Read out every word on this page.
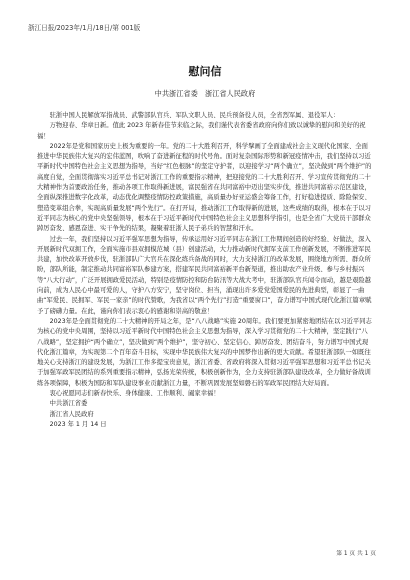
浙江日报/2023年/1月/18日/第 001版
慰问信
中共浙江省委　浙江省人民政府

驻浙中国人民解放军指战员、武警部队官兵、军队文职人员、民兵预备役人员，全省烈军属、退役军人：

万物迎春、华章日新。值此 2023 年新春佳节来临之际，我们谨代表省委省政府向你们致以诚挚的慰问和美好的祝福！

2022年是党和国家历史上极为重要的一年。党的二十大胜利召开，科学擘画了全面建成社会主义现代化国家、全面推进中华民族伟大复兴的宏伟蓝图，吹响了奋进新征程的时代号角。面对复杂国际形势和新冠疫情冲击，我们坚持以习近平新时代中国特色社会主义思想为指导，当好“红色根脉”的坚定守护者，以迎接学习“两个确立”，坚决做到“两个维护”的高度自觉，全面贯彻落实习近平总书记对浙江工作的重要指示精神，把迎接党的二十大胜利召开、学习宣传贯彻党的二十大精神作为首要政治任务，推动各项工作取得新进展，富民强省在共同富裕中迈出坚实步伐，推进共同富裕示范区建设，全面纵深推进数字化改革，动态优化调整疫情防控政策措施，高质量办好亚运盛会筹备工作，打好稳进提质、除险保安、塑造变革组合拳，实现高质量发展“两个先行”。在打开局，推动浙江工作取得新的进展，这些成绩的取得，根本在于以习近平同志为核心的党中央坚强领导，根本在于习近平新时代中国特色社会主义思想科学指引，也是全省广大党员干部群众踔厉奋发、感恩奋进、实干争先的结果，凝聚着驻浙人民子弟兵的智慧和汗水。

过去一年，我们坚持以习近平强军思想为指导，传承运用好习近平同志在浙江工作期间创造的好经验、好做法，深入开展新时代双拥工作，全面实施市县双拥模范城（县）创建活动，大力推动新时代拥军支前工作创新发展，不断推进军民共建，加快改革开放步伐，驻浙部队广大官兵在深化练兵备战的同时，大力支持浙江的改革发展，围绕地方所需、群众所盼，部队所能，制定推动共同富裕军队参建方案，搭建军民共同富裕新平台新渠道，推出助农产业升级、参与乡村振兴等“八大行动”，广泛开展拥政爱民活动，特别是疫情防控和防台防汛等大战大考中，驻浙部队官兵闻令而动，越是艰险越向前，成为人民心中最可爱的人，守护八方安宁，坚守岗位、担当，涌现出许多爱党爱国爱民的先进典型，彰显了一曲曲“军爱民、民拥军、军民一家亲”的时代赞歌，为我省以“两个先行”打造“重要窗口”，奋力谱写中国式现代化浙江篇章赋予了磅礴力量。在此，谨向你们表示衷心的感谢和崇高的敬意！

2023年是全面贯彻党的二十大精神的开局之年，是“八八战略”实施 20周年。我们要更加紧密地团结在以习近平同志为核心的党中央周围，坚持以习近平新时代中国特色社会主义思想为指导，深入学习贯彻党的二十大精神，坚定践行“八八战略”，坚定拥护“两个确立”，坚决做到“两个维护”，坚守初心、坚定信心、踔厉奋发、团结奋斗，努力谱写中国式现代化浙江篇章，为实现第二个百年奋斗目标，实现中华民族伟大复兴的中国梦作出新的更大贡献。希望驻浙部队一如既往地关心支持浙江的建设发展，为浙江工作多提宝贵意见，浙江省委、省政府将深入贯彻习近平强军思想和习近平总书记关于加强军政军民团结的系列重要指示精神，弘扬光荣传统，积极创新作为，全力支持驻浙部队建设改革，全力做好备战训练各项保障，积极为国防和军队建设事业贡献浙江力量，不断巩固发展坚如磐石的军政军民团结大好局面。

衷心祝愿同志们新春快乐、身体健康、工作顺利、阖家幸福！

中共浙江省委

浙江省人民政府

2023 年 1 月 14 日

第 1 页 共 1 页
